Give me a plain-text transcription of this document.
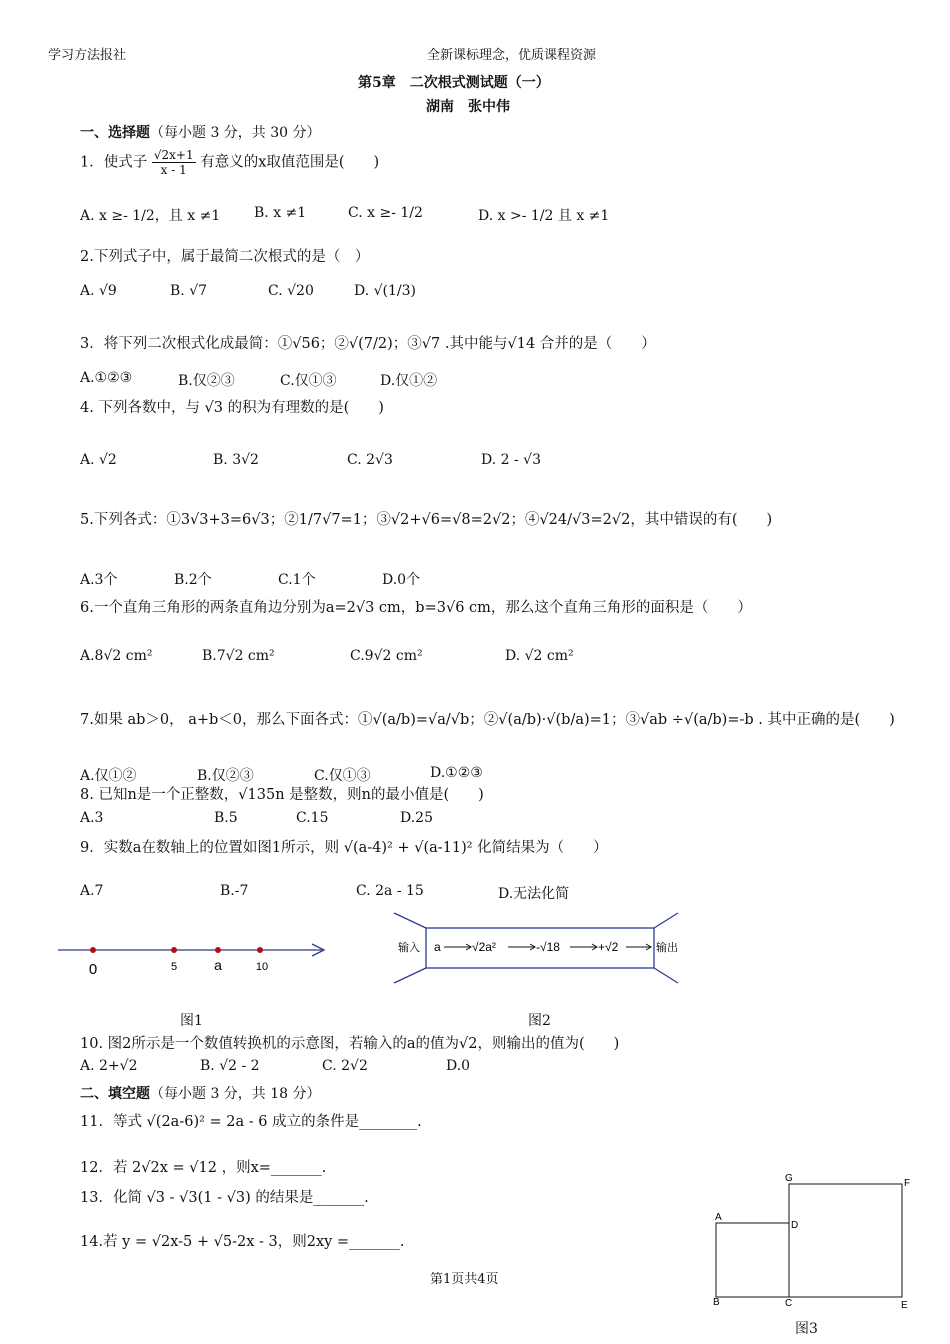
学习方法报社	全新课标理念，优质课程资源
第5章　二次根式测试题（一）
湖南　张中伟
一、选择题（每小题 3 分，共 30 分）
1．使式子 $\frac{√2x+1}{x - 1}$ 有意义的x取值范围是(　　)
A. x ≥- 1/2，且 x ≠1 B. x ≠1	C. x ≥- 1/2	D. x >- 1/2 且 x ≠1
2.下列式子中，属于最简二次根式的是（　）
A. √9	B. √7	C. √20	D. √(1/3)
3．将下列二次根式化成最简：①√56；②√(7/2)；③√7 .其中能与√14 合并的是（　　）
A.①②③	B.仅②③	C.仅①③	D.仅①②
4. 下列各数中，与 √3 的积为有理数的是(　　)
A. √2	B. 3√2	C. 2√3	D. 2 - √3
5.下列各式：①3√3+3=6√3；②1/7√7=1；③√2+√6=√8=2√2；④√24/√3=2√2，其中错误的有(　　)
A.3个	B.2个	C.1个	D.0个
6.一个直角三角形的两条直角边分别为a=2√3 cm，b=3√6 cm，那么这个直角三角形的面积是（　　）
A.8√2 cm²	B.7√2 cm²	C.9√2 cm²	D. √2 cm²
7.如果 ab＞0， a+b＜0，那么下面各式：①√(a/b)=√a/√b；②√(a/b)·√(b/a)=1；③√ab ÷√(a/b)=-b . 其中正确的是(　　)
A.仅①②	B.仅②③	C.仅①③	D.①②③
8. 已知n是一个正整数，√135n 是整数，则n的最小值是(　　)
A.3	B.5	C.15	D.25
9．实数a在数轴上的位置如图1所示，则 √(a-4)² + √(a-11)² 化简结果为（　　）
A.7	B.-7	C. 2a - 15	D.无法化简
0	5	a	10
图1
输入	输出
a	√2a²	-√18	+√2
图2
10. 图2所示是一个数值转换机的示意图，若输入的a的值为√2，则输出的值为(　　)
A. 2+√2	B. √2 - 2	C. 2√2	D.0
二、填空题（每小题 3 分，共 18 分）
11．等式 √(2a-6)² = 2a - 6 成立的条件是________.
12．若 2√2x = √12 ，则x=_______.
13．化简 √3 - √3(1 - √3) 的结果是_______.
14.若 y = √2x-5 + √5-2x - 3，则2xy =_______.
G	F
A
D
B	C	E
图3
第1页共4页
